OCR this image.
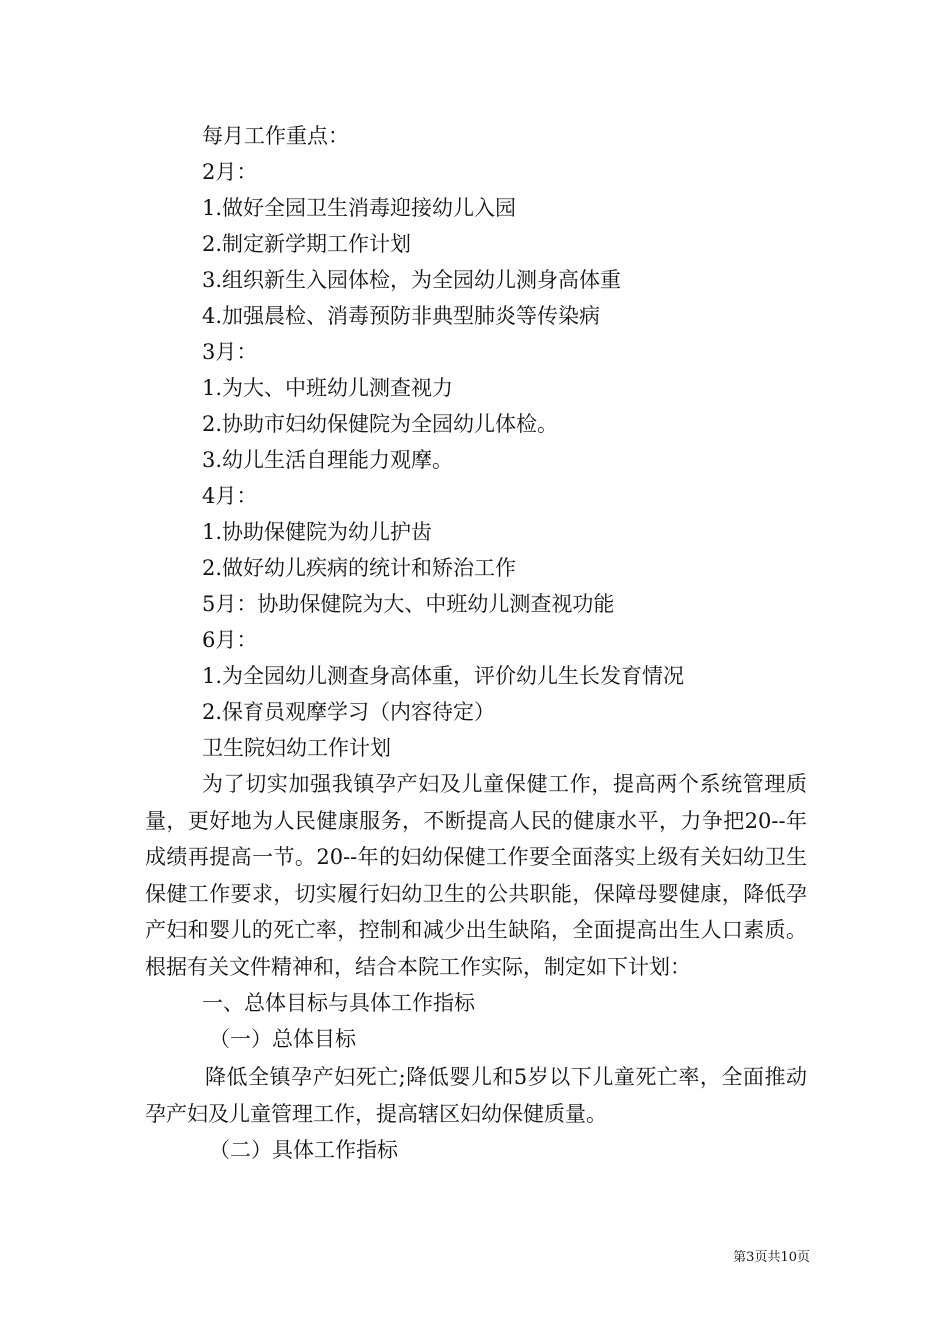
每月工作重点：
2月：
1.做好全园卫生消毒迎接幼儿入园
2.制定新学期工作计划
3.组织新生入园体检，为全园幼儿测身高体重
4.加强晨检、消毒预防非典型肺炎等传染病
3月：
1.为大、中班幼儿测查视力
2.协助市妇幼保健院为全园幼儿体检。
3.幼儿生活自理能力观摩。
4月：
1.协助保健院为幼儿护齿
2.做好幼儿疾病的统计和矫治工作
5月：协助保健院为大、中班幼儿测查视功能
6月：
1.为全园幼儿测查身高体重，评价幼儿生长发育情况
2.保育员观摩学习（内容待定）
卫生院妇幼工作计划

为了切实加强我镇孕产妇及儿童保健工作，提高两个系统管理质量，更好地为人民健康服务，不断提高人民的健康水平，力争把20--年成绩再提高一节。20--年的妇幼保健工作要全面落实上级有关妇幼卫生保健工作要求，切实履行妇幼卫生的公共职能，保障母婴健康，降低孕产妇和婴儿的死亡率，控制和减少出生缺陷，全面提高出生人口素质。根据有关文件精神和，结合本院工作实际，制定如下计划：

一、总体目标与具体工作指标
（一）总体目标

降低全镇孕产妇死亡;降低婴儿和5岁以下儿童死亡率，全面推动孕产妇及儿童管理工作，提高辖区妇幼保健质量。

（二）具体工作指标
第3页共10页
